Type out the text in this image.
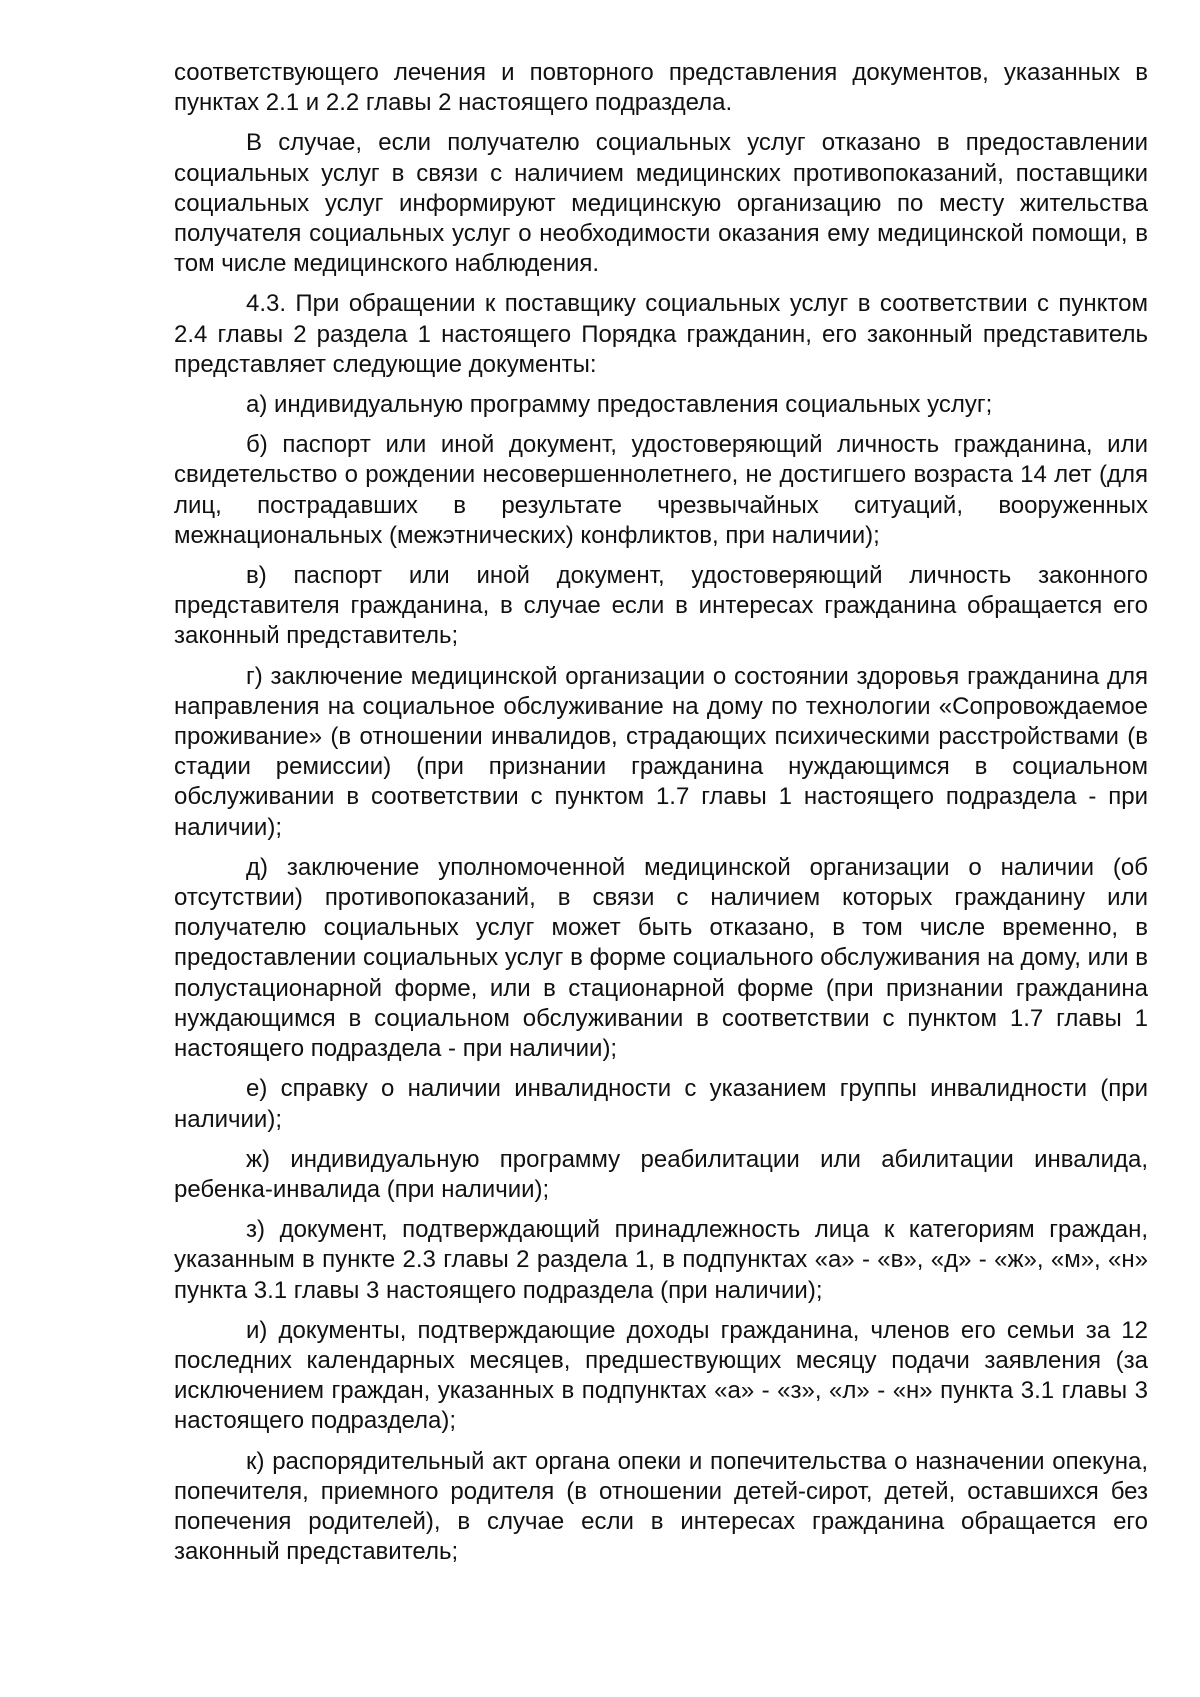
соответствующего лечения и повторного представления документов, указанных в пунктах 2.1 и 2.2 главы 2 настоящего подраздела.

В случае, если получателю социальных услуг отказано в предоставлении социальных услуг в связи с наличием медицинских противопоказаний, поставщики социальных услуг информируют медицинскую организацию по месту жительства получателя социальных услуг о необходимости оказания ему медицинской помощи, в том числе медицинского наблюдения.

4.3. При обращении к поставщику социальных услуг в соответствии с пунктом 2.4 главы 2 раздела 1 настоящего Порядка гражданин, его законный представитель представляет следующие документы:

а) индивидуальную программу предоставления социальных услуг;

б) паспорт или иной документ, удостоверяющий личность гражданина, или свидетельство о рождении несовершеннолетнего, не достигшего возраста 14 лет (для лиц, пострадавших в результате чрезвычайных ситуаций, вооруженных межнациональных (межэтнических) конфликтов, при наличии);

в) паспорт или иной документ, удостоверяющий личность законного представителя гражданина, в случае если в интересах гражданина обращается его законный представитель;

г) заключение медицинской организации о состоянии здоровья гражданина для направления на социальное обслуживание на дому по технологии «Сопровождаемое проживание» (в отношении инвалидов, страдающих психическими расстройствами (в стадии ремиссии) (при признании гражданина нуждающимся в социальном обслуживании в соответствии с пунктом 1.7 главы 1 настоящего подраздела - при наличии);

д) заключение уполномоченной медицинской организации о наличии (об отсутствии) противопоказаний, в связи с наличием которых гражданину или получателю социальных услуг может быть отказано, в том числе временно, в предоставлении социальных услуг в форме социального обслуживания на дому, или в полустационарной форме, или в стационарной форме (при признании гражданина нуждающимся в социальном обслуживании в соответствии с пунктом 1.7 главы 1 настоящего подраздела - при наличии);

е) справку о наличии инвалидности с указанием группы инвалидности (при наличии);

ж) индивидуальную программу реабилитации или абилитации инвалида, ребенка-инвалида (при наличии);

з) документ, подтверждающий принадлежность лица к категориям граждан, указанным в пункте 2.3 главы 2 раздела 1, в подпунктах «а» - «в», «д» - «ж», «м», «н» пункта 3.1 главы 3 настоящего подраздела (при наличии);

и) документы, подтверждающие доходы гражданина, членов его семьи за 12 последних календарных месяцев, предшествующих месяцу подачи заявления (за исключением граждан, указанных в подпунктах «а» - «з», «л» - «н» пункта 3.1 главы 3 настоящего подраздела);

к) распорядительный акт органа опеки и попечительства о назначении опекуна, попечителя, приемного родителя (в отношении детей-сирот, детей, оставшихся без попечения родителей), в случае если в интересах гражданина обращается его законный представитель;
